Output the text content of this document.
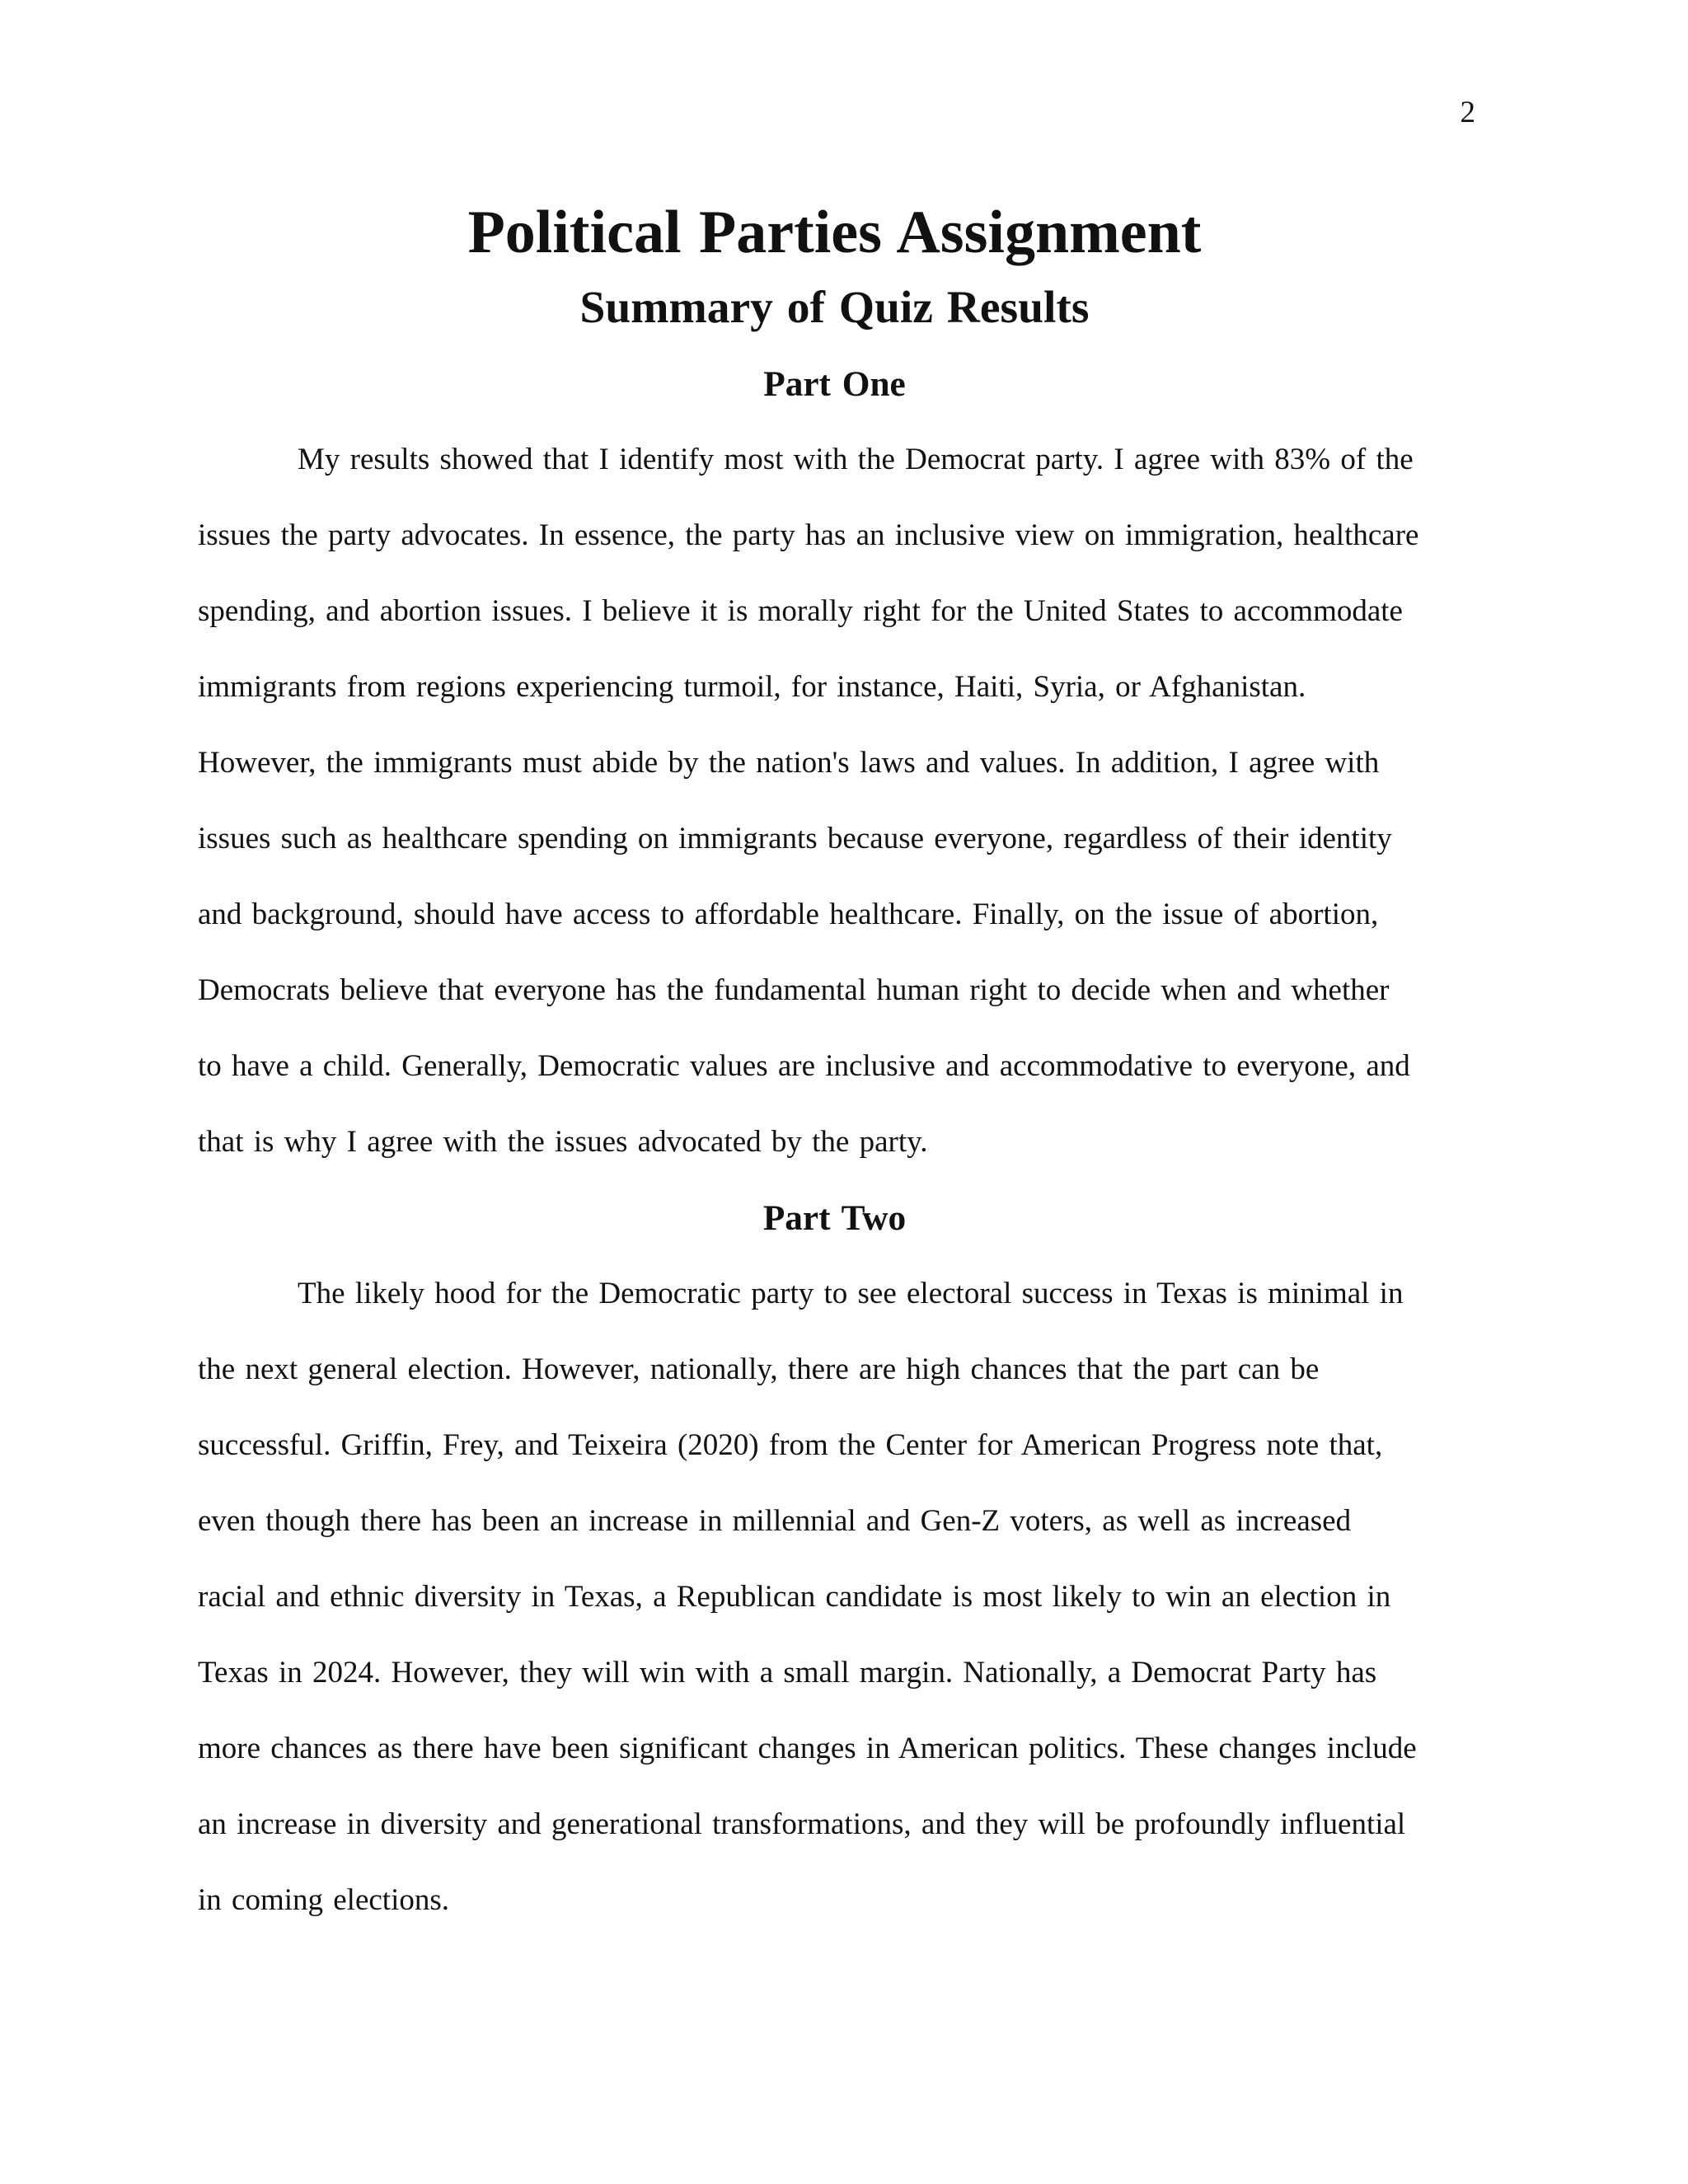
2
Political Parties Assignment
Summary of Quiz Results
Part One
My results showed that I identify most with the Democrat party. I agree with 83% of the
issues the party advocates. In essence, the party has an inclusive view on immigration, healthcare
spending, and abortion issues. I believe it is morally right for the United States to accommodate
immigrants from regions experiencing turmoil, for instance, Haiti, Syria, or Afghanistan.
However, the immigrants must abide by the nation's laws and values. In addition, I agree with
issues such as healthcare spending on immigrants because everyone, regardless of their identity
and background, should have access to affordable healthcare. Finally, on the issue of abortion,
Democrats believe that everyone has the fundamental human right to decide when and whether
to have a child. Generally, Democratic values are inclusive and accommodative to everyone, and
that is why I agree with the issues advocated by the party.
Part Two
The likely hood for the Democratic party to see electoral success in Texas is minimal in
the next general election. However, nationally, there are high chances that the part can be
successful. Griffin, Frey, and Teixeira (2020) from the Center for American Progress note that,
even though there has been an increase in millennial and Gen-Z voters, as well as increased
racial and ethnic diversity in Texas, a Republican candidate is most likely to win an election in
Texas in 2024. However, they will win with a small margin. Nationally, a Democrat Party has
more chances as there have been significant changes in American politics. These changes include
an increase in diversity and generational transformations, and they will be profoundly influential
in coming elections.
